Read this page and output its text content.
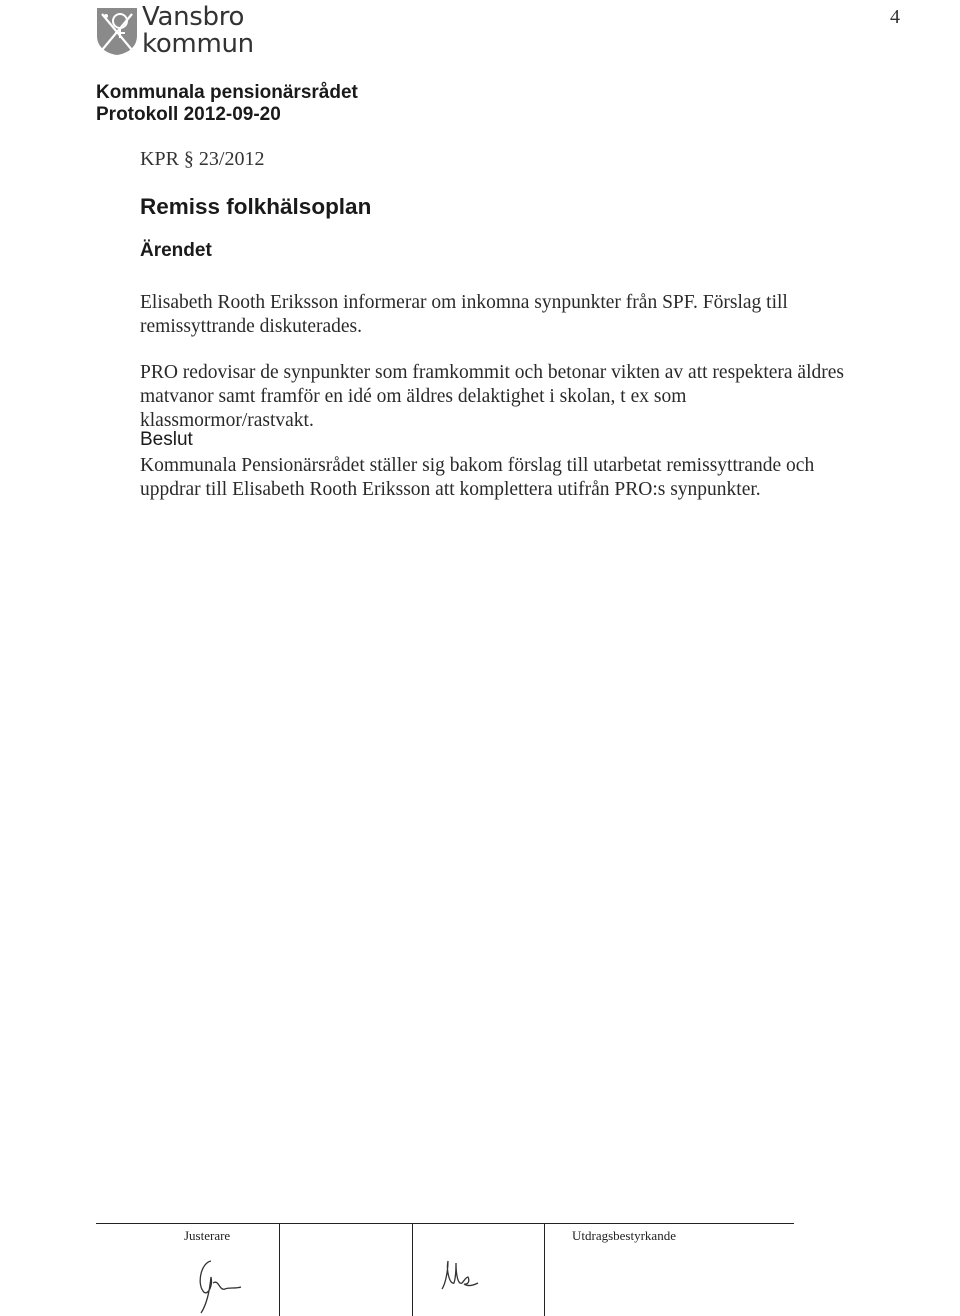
Vansbro
kommun
4
Kommunala pensionärsrådet
Protokoll 2012-09-20
KPR § 23/2012
Remiss folkhälsoplan
Ärendet

Elisabeth Rooth Eriksson informerar om inkomna synpunkter från SPF. Förslag till remissyttrande diskuterades.

PRO redovisar de synpunkter som framkommit och betonar vikten av att respektera äldres matvanor samt framför en idé om äldres delaktighet i skolan, t ex som klassmormor/rastvakt.

Beslut

Kommunala Pensionärsrådet ställer sig bakom förslag till utarbetat remissyttrande och uppdrar till Elisabeth Rooth Eriksson att komplettera utifrån PRO:s synpunkter.

Justerare	Utdragsbestyrkande
